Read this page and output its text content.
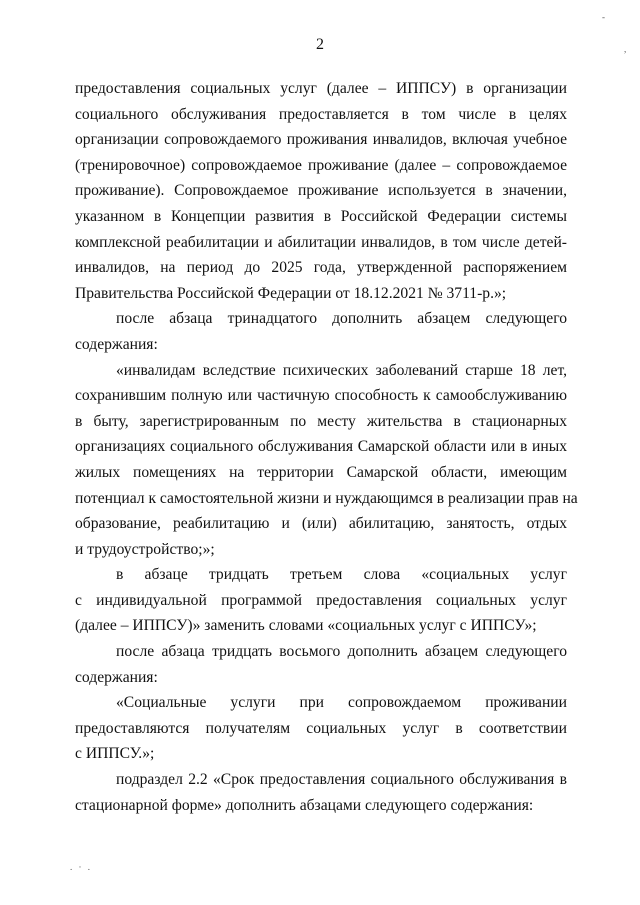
2
предоставления социальных услуг (далее – ИППСУ) в организации
социального обслуживания предоставляется в том числе в целях
организации сопровождаемого проживания инвалидов, включая учебное
(тренировочное) сопровождаемое проживание (далее – сопровождаемое
проживание). Сопровождаемое проживание используется в значении,
указанном в Концепции развития в Российской Федерации системы
комплексной реабилитации и абилитации инвалидов, в том числе детей-
инвалидов, на период до 2025 года, утвержденной распоряжением
Правительства Российской Федерации от 18.12.2021 № 3711-р.»;
после абзаца тринадцатого дополнить абзацем следующего
содержания:
«инвалидам вследствие психических заболеваний старше 18 лет,
сохранившим полную или частичную способность к самообслуживанию
в быту, зарегистрированным по месту жительства в стационарных
организациях социального обслуживания Самарской области или в иных
жилых помещениях на территории Самарской области, имеющим
потенциал к самостоятельной жизни и нуждающимся в реализации прав на
образование, реабилитацию и (или) абилитацию, занятость, отдых
и трудоустройство;»;
в абзаце тридцать третьем слова «социальных услуг
с индивидуальной программой предоставления социальных услуг
(далее – ИППСУ)» заменить словами «социальных услуг с ИППСУ»;
после абзаца тридцать восьмого дополнить абзацем следующего
содержания:
«Социальные услуги при сопровождаемом проживании
предоставляются получателям социальных услуг в соответствии
с ИППСУ.»;
подраздел 2.2 «Срок предоставления социального обслуживания в
стационарной форме» дополнить абзацами следующего содержания:
-
,
. · .
